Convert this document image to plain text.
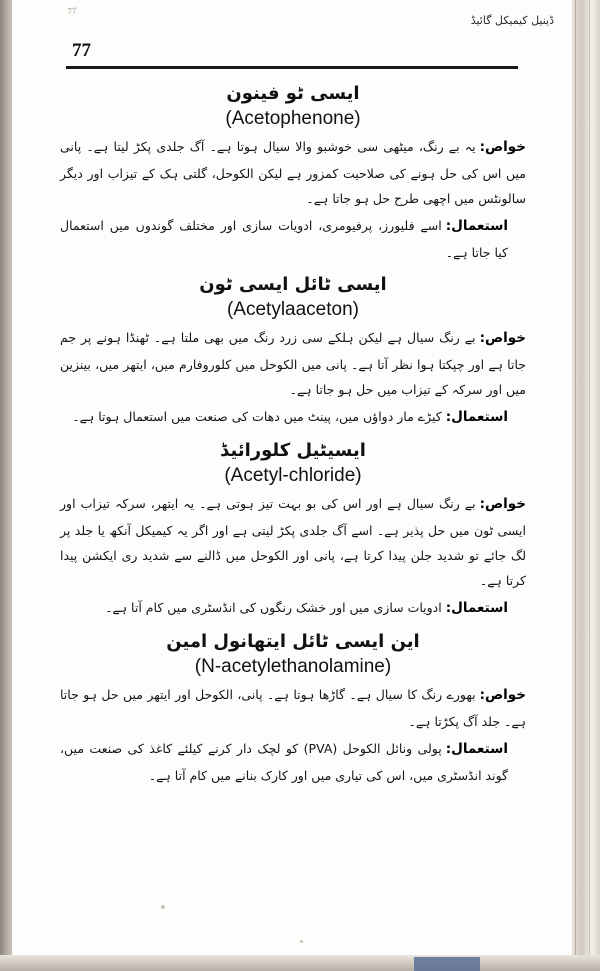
77
ڈینیل کیمیکل گائیڈ
77
ایسی ٹو فینون
(Acetophenone)

خواص :یہ بے رنگ، میٹھی سی خوشبو والا سیال ہوتا ہے۔ آگ جلدی پکڑ لیتا ہے۔ پانی میں اس کی حل ہونے کی صلاحیت کمزور ہے لیکن الکوحل، گلتی ہک کے تیزاب اور دیگر سالونٹس میں اچھی طرح حل ہو جاتا ہے۔

استعمال :اسے فلیورز، پرفیومری، ادویات سازی اور مختلف گوندوں میں استعمال کیا جاتا ہے۔

ایسی ٹائل ایسی ٹون
(Acetylaaceton)

خواص :بے رنگ سیال ہے لیکن ہلکے سی زرد رنگ میں بھی ملتا ہے۔ ٹھنڈا ہونے پر جم جاتا ہے اور چپکتا ہوا نظر آتا ہے۔ پانی میں الکوحل میں کلوروفارم میں، ایتھر میں، بینزین میں اور سرکہ کے تیزاب میں حل ہو جاتا ہے۔

استعمال :کیڑے مار دواؤں میں، پینٹ میں دھات کی صنعت میں استعمال ہوتا ہے۔

ایسیٹیل کلورائیڈ
(Acetyl-chloride)

خواص :بے رنگ سیال ہے اور اس کی بو بہت تیز ہوتی ہے۔ یہ ایتھر، سرکہ تیزاب اور ایسی ٹون میں حل پذیر ہے۔ اسے آگ جلدی پکڑ لیتی ہے اور اگر یہ کیمیکل آنکھ یا جلد پر لگ جائے تو شدید جلن پیدا کرتا ہے، پانی اور الکوحل میں ڈالنے سے شدید ری ایکشن پیدا کرتا ہے۔

استعمال :ادویات سازی میں اور خشک رنگوں کی انڈسٹری میں کام آتا ہے۔

این ایسی ٹائل ایتھانول امین
(N-acetylethanolamine)

خواص :بھورے رنگ کا سیال ہے۔ گاڑھا ہوتا ہے۔ پانی، الکوحل اور ایتھر میں حل ہو جاتا ہے۔ جلد آگ پکڑتا ہے۔

استعمال :پولی ونائل الکوحل (PVA) کو لچک دار کرنے کیلئے کاغذ کی صنعت میں، گوند انڈسٹری میں، اس کی تیاری میں اور کارک بنانے میں کام آتا ہے۔
